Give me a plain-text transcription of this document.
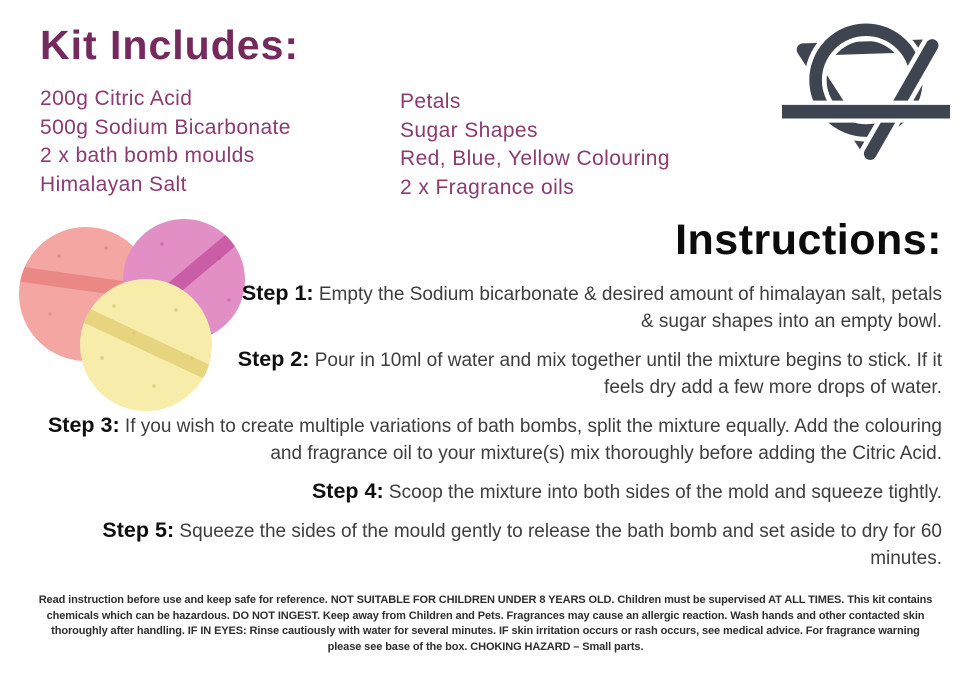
Kit Includes:
200g Citric Acid
500g Sodium Bicarbonate
2 x bath bomb moulds
Himalayan Salt
Petals
Sugar Shapes
Red, Blue, Yellow Colouring
2 x Fragrance oils
Instructions:

Step 1: Empty the Sodium bicarbonate & desired amount of himalayan salt, petals & sugar shapes into an empty bowl.

Step 2: Pour in 10ml of water and mix together until the mixture begins to stick. If it feels dry add a few more drops of water.

Step 3: If you wish to create multiple variations of bath bombs, split the mixture equally. Add the colouring and fragrance oil to your mixture(s) mix thoroughly before adding the Citric Acid.

Step 4: Scoop the mixture into both sides of the mold and squeeze tightly.

Step 5: Squeeze the sides of the mould gently to release the bath bomb and set aside to dry for 60 minutes.

Read instruction before use and keep safe for reference. NOT SUITABLE FOR CHILDREN UNDER 8 YEARS OLD. Children must be supervised AT ALL TIMES. This kit contains chemicals which can be hazardous. DO NOT INGEST. Keep away from Children and Pets. Fragrances may cause an allergic reaction. Wash hands and other contacted skin thoroughly after handling. IF IN EYES: Rinse cautiously with water for several minutes. IF skin irritation occurs or rash occurs, see medical advice. For fragrance warning please see base of the box. CHOKING HAZARD – Small parts.
